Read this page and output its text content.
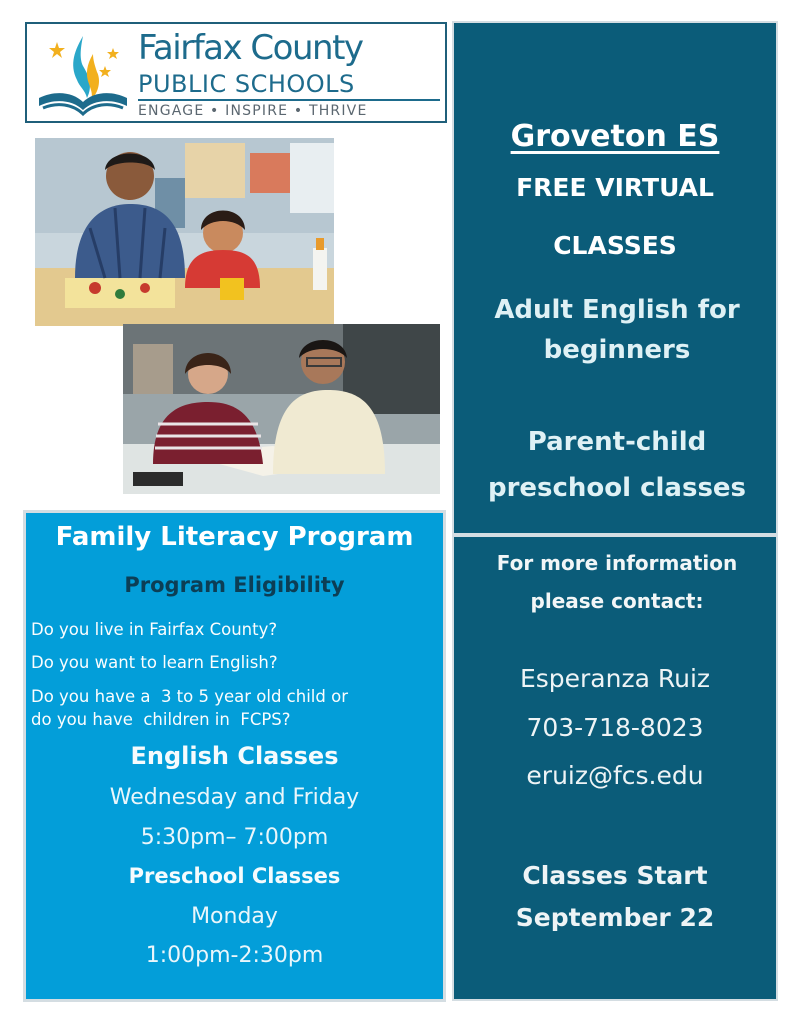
Fairfax County
PUBLIC SCHOOLS
ENGAGE • INSPIRE • THRIVE
Groveton ES
FREE VIRTUAL
CLASSES
Adult English for
beginners
Parent-child
preschool classes
For more information
please contact:
Esperanza Ruiz
703-718-8023
eruiz@fcs.edu
Classes Start
September 22
Family Literacy Program
Program Eligibility
Do you live in Fairfax County?
Do you want to learn English?
Do you have a  3 to 5 year old child or
do you have  children in  FCPS?
English Classes
Wednesday and Friday
5:30pm– 7:00pm
Preschool Classes
Monday
1:00pm-2:30pm
